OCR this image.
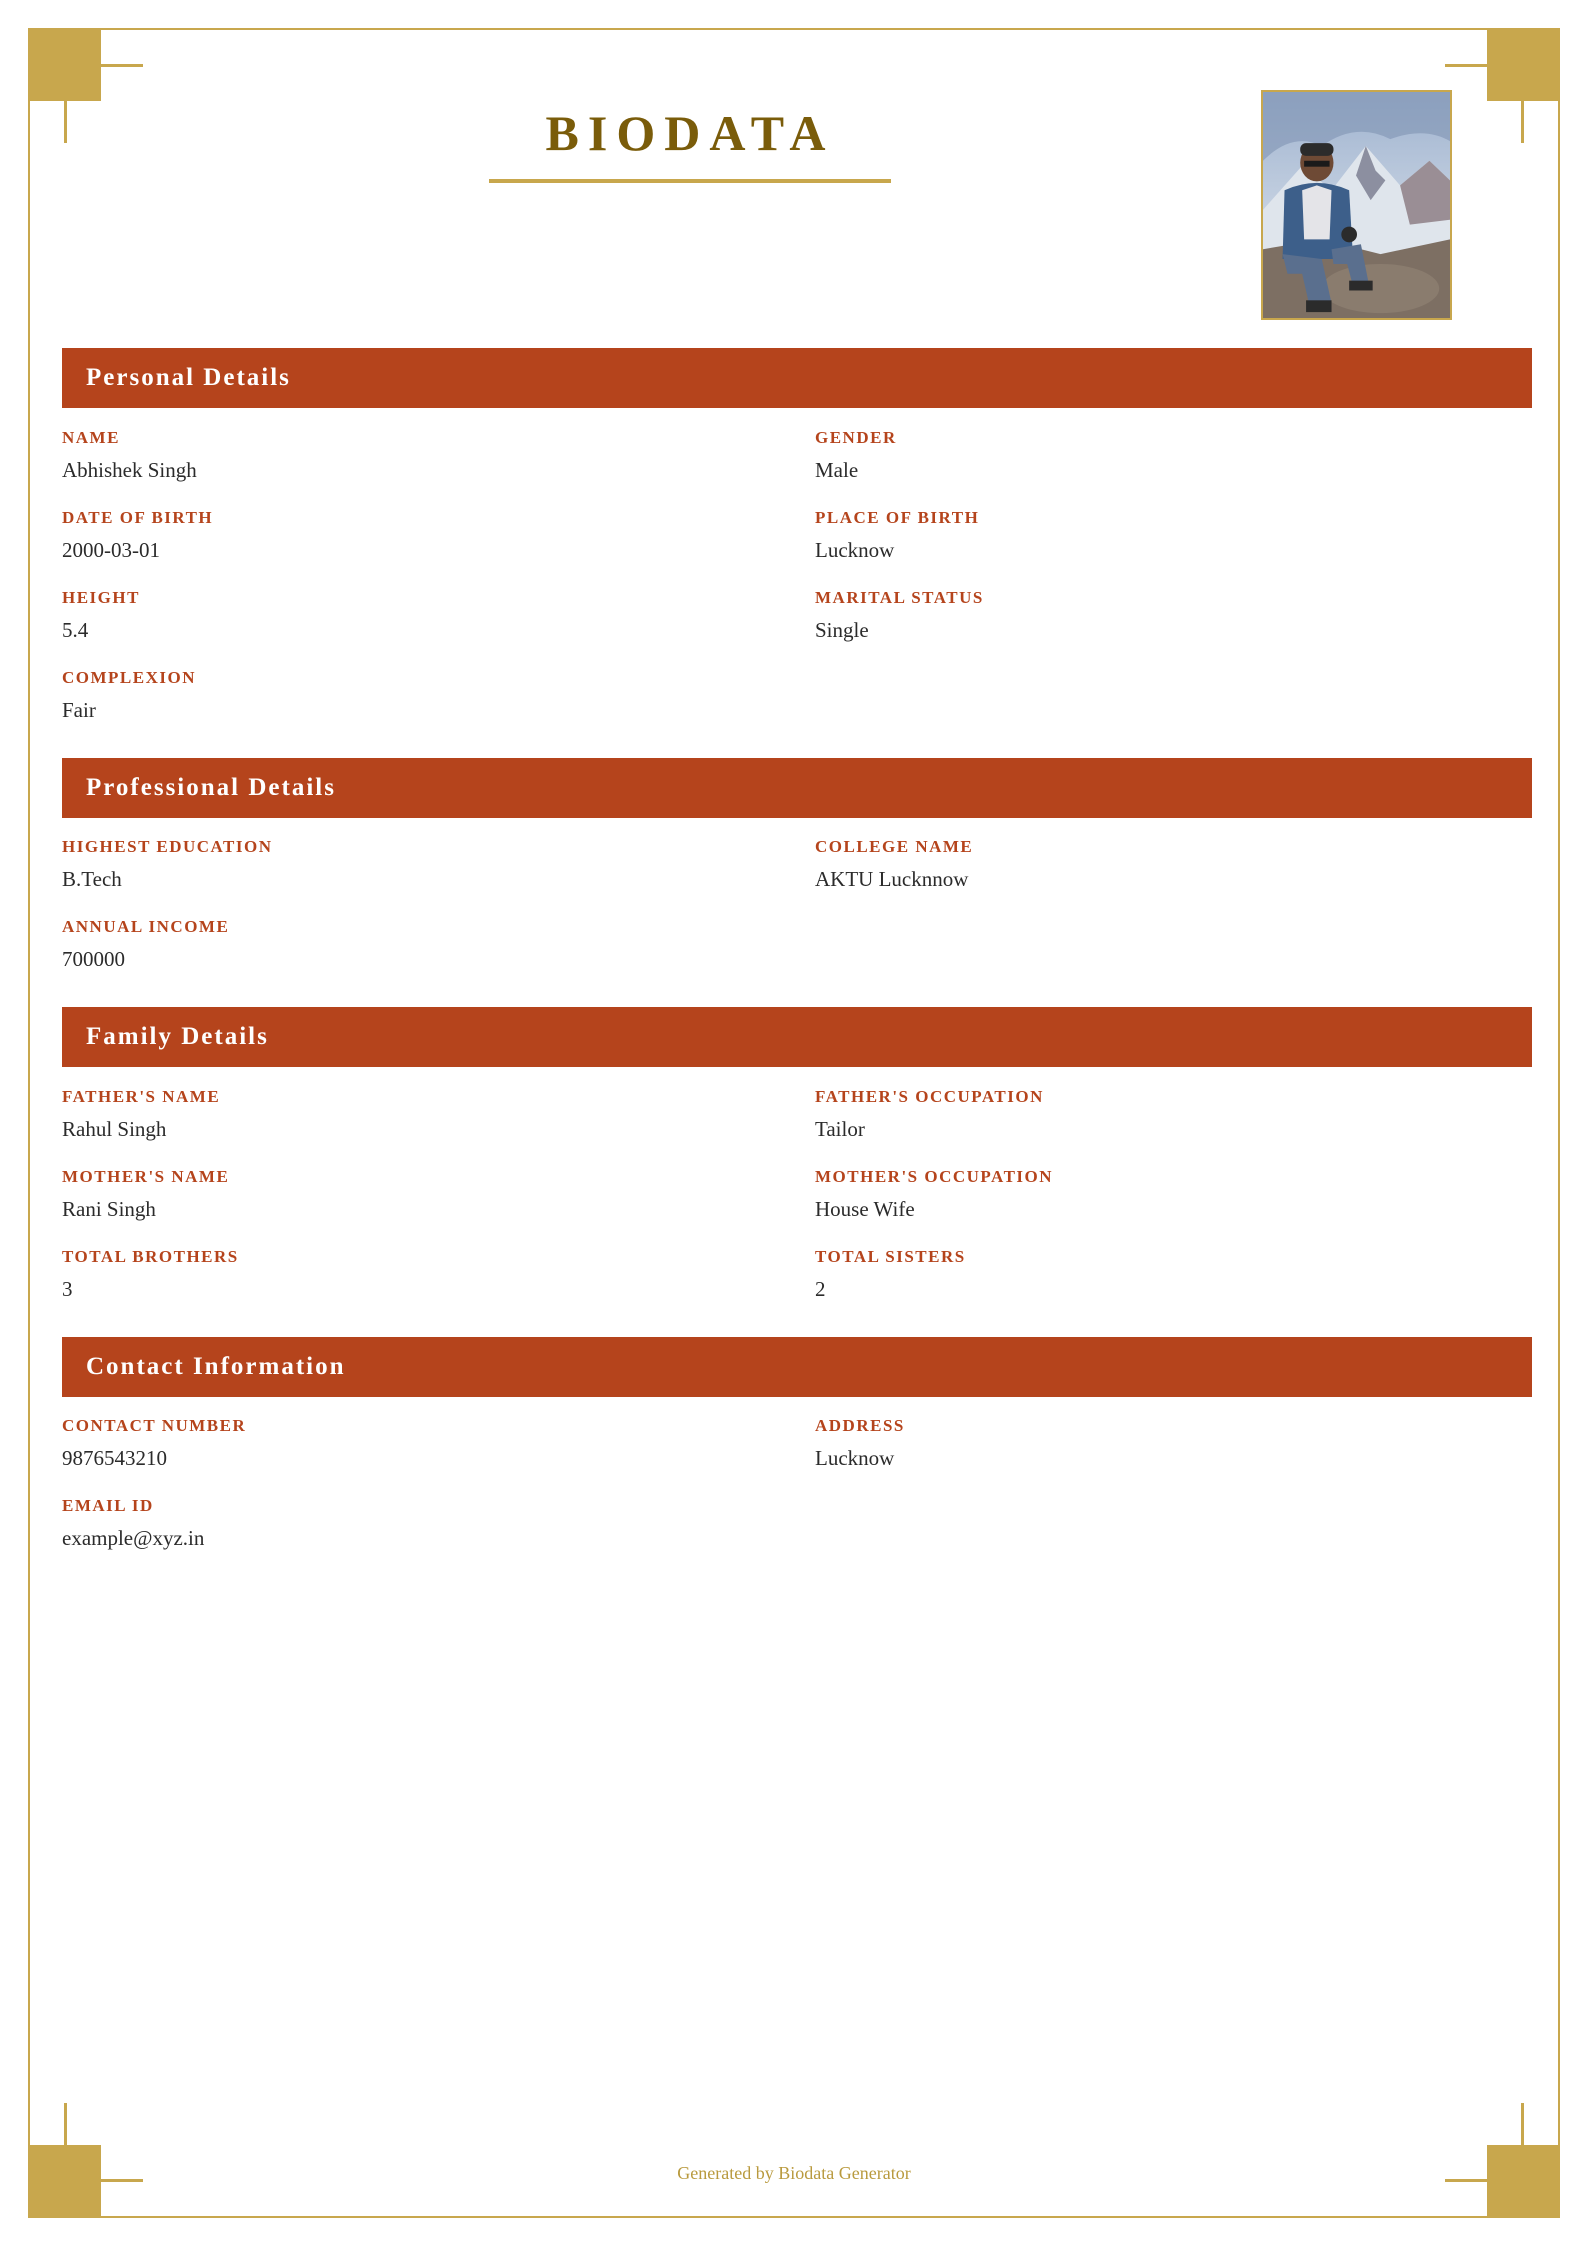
BIODATA
Personal Details
NAME
Abhishek Singh
GENDER
Male
DATE OF BIRTH
2000-03-01
PLACE OF BIRTH
Lucknow
HEIGHT
5.4
MARITAL STATUS
Single
COMPLEXION
Fair
Professional Details
HIGHEST EDUCATION
B.Tech
COLLEGE NAME
AKTU Lucknnow
ANNUAL INCOME
700000
Family Details
FATHER'S NAME
Rahul Singh
FATHER'S OCCUPATION
Tailor
MOTHER'S NAME
Rani Singh
MOTHER'S OCCUPATION
House Wife
TOTAL BROTHERS
3
TOTAL SISTERS
2
Contact Information
CONTACT NUMBER
9876543210
ADDRESS
Lucknow
EMAIL ID
example@xyz.in
Generated by Biodata Generator
